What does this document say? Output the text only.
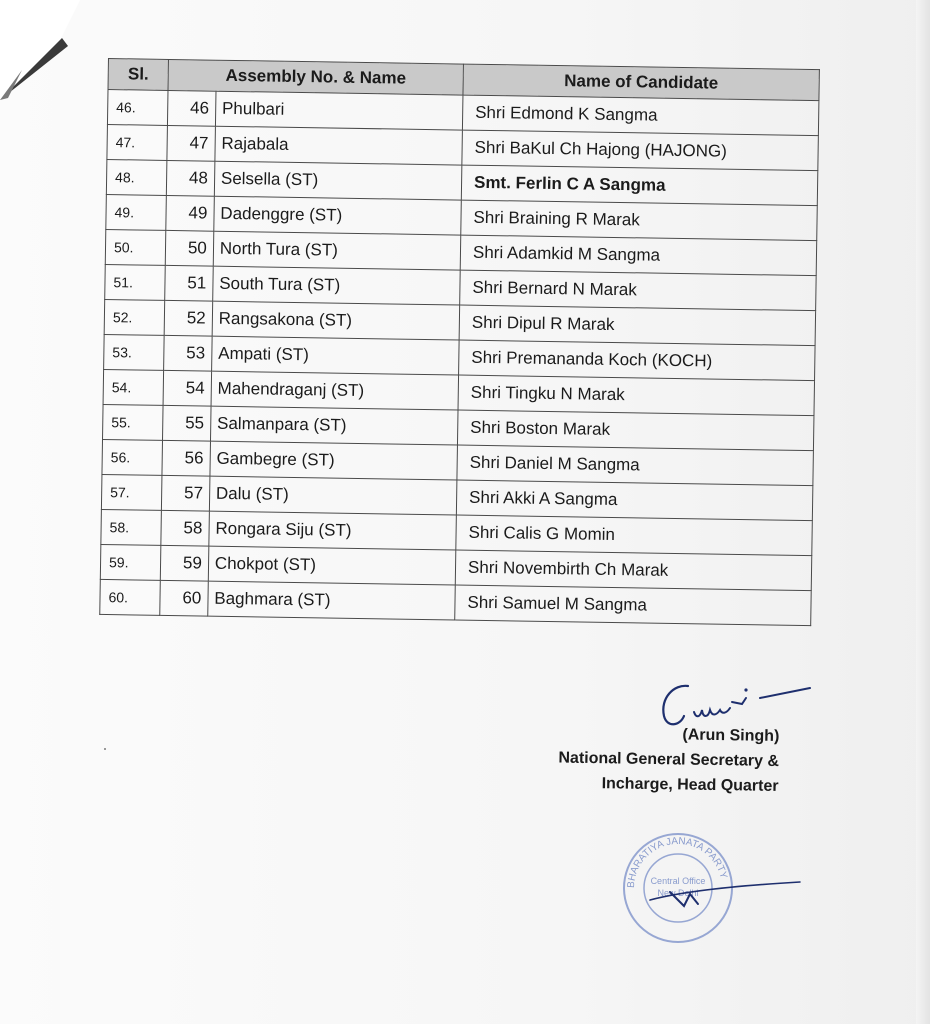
Sl.	Assembly No. & Name		Name of Candidate
46.	46	Phulbari	Shri Edmond K Sangma
47.	47	Rajabala	Shri BaKul Ch Hajong (HAJONG)
48.	48	Selsella (ST)	Smt. Ferlin C A Sangma
49.	49	Dadenggre (ST)	Shri Braining R Marak
50.	50	North Tura (ST)	Shri Adamkid M Sangma
51.	51	South Tura (ST)	Shri Bernard N Marak
52.	52	Rangsakona (ST)	Shri Dipul R Marak
53.	53	Ampati (ST)	Shri Premananda Koch (KOCH)
54.	54	Mahendraganj (ST)	Shri Tingku N Marak
55.	55	Salmanpara (ST)	Shri Boston Marak
56.	56	Gambegre (ST)	Shri Daniel M Sangma
57.	57	Dalu (ST)	Shri Akki A Sangma
58.	58	Rongara Siju (ST)	Shri Calis G Momin
59.	59	Chokpot (ST)	Shri Novembirth Ch Marak
60.	60	Baghmara (ST)	Shri Samuel M Sangma
(Arun Singh)
National General Secretary &
Incharge, Head Quarter
BHARATIYA JANATA PARTY
Central Office
New Delhi
